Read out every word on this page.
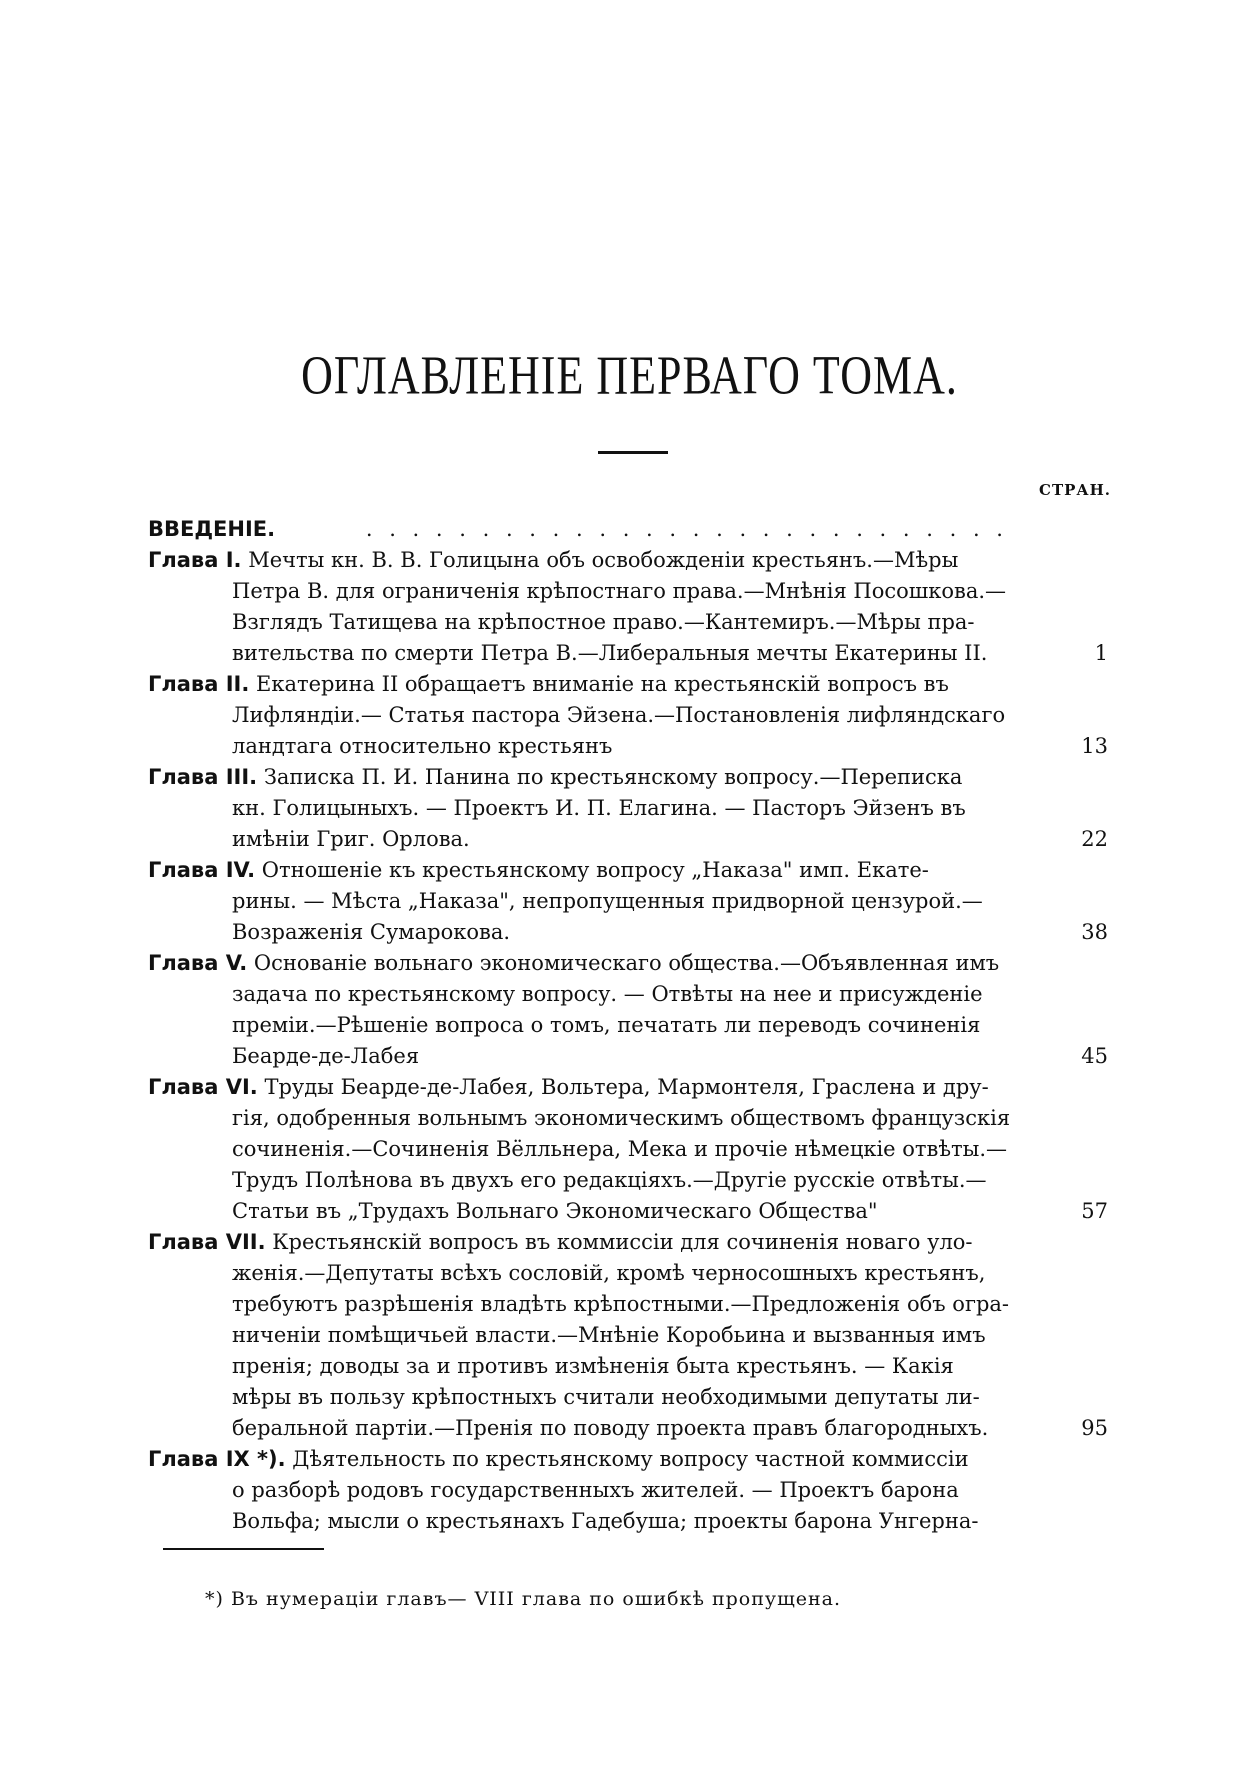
ОГЛАВЛЕНІЕ ПЕРВАГО ТОМА.
СТРАН.
ВВЕДЕНІЕ.	. . . . . . . . . . . . . . . . . . . . . . . . . . . .
Глава I. Мечты кн. В. В. Голицына объ освобожденіи крестьянъ.—Мѣры
Петра В. для ограниченія крѣпостнаго права.—Мнѣнія Посошкова.—
Взглядъ Татищева на крѣпостное право.—Кантемиръ.—Мѣры пра-
вительства по смерти Петра В.—Либеральныя мечты Екатерины II.	1
Глава II. Екатерина II обращаетъ вниманіе на крестьянскій вопросъ въ
Лифляндіи.— Статья пастора Эйзена.—Постановленія лифляндскаго
ландтага относительно крестьянъ	13
Глава III. Записка П. И. Панина по крестьянскому вопросу.—Переписка
кн. Голицыныхъ. — Проектъ И. П. Елагина. — Пасторъ Эйзенъ въ
имѣніи Григ. Орлова.	22
Глава IV. Отношеніе къ крестьянскому вопросу „Наказа" имп. Екате-
рины. — Мѣста „Наказа", непропущенныя придворной цензурой.—
Возраженія Сумарокова.	38
Глава V. Основаніе вольнаго экономическаго общества.—Объявленная имъ
задача по крестьянскому вопросу. — Отвѣты на нее и присужденіе
преміи.—Рѣшеніе вопроса о томъ, печатать ли переводъ сочиненія
Беарде-де-Лабея	45
Глава VI. Труды Беарде-де-Лабея, Вольтера, Мармонтеля, Граслена и дру-
гія, одобренныя вольнымъ экономическимъ обществомъ французскія
сочиненія.—Сочиненія Вёлльнера, Мека и прочіе нѣмецкіе отвѣты.—
Трудъ Полѣнова въ двухъ его редакціяхъ.—Другіе русскіе отвѣты.—
Статьи въ „Трудахъ Вольнаго Экономическаго Общества"	57
Глава VII. Крестьянскій вопросъ въ коммиссіи для сочиненія новаго уло-
женія.—Депутаты всѣхъ сословій, кромѣ черносошныхъ крестьянъ,
требуютъ разрѣшенія владѣть крѣпостными.—Предложенія объ огра-
ниченіи помѣщичьей власти.—Мнѣніе Коробьина и вызванныя имъ
пренія; доводы за и противъ измѣненія быта крестьянъ. — Какія
мѣры въ пользу крѣпостныхъ считали необходимыми депутаты ли-
беральной партіи.—Пренія по поводу проекта правъ благородныхъ.	95
Глава IX *). Дѣятельность по крестьянскому вопросу частной коммиссіи
о разборѣ родовъ государственныхъ жителей. — Проектъ барона
Вольфа; мысли о крестьянахъ Гадебуша; проекты барона Унгерна-
*) Въ нумераціи главъ— VIII глава по ошибкѣ пропущена.
